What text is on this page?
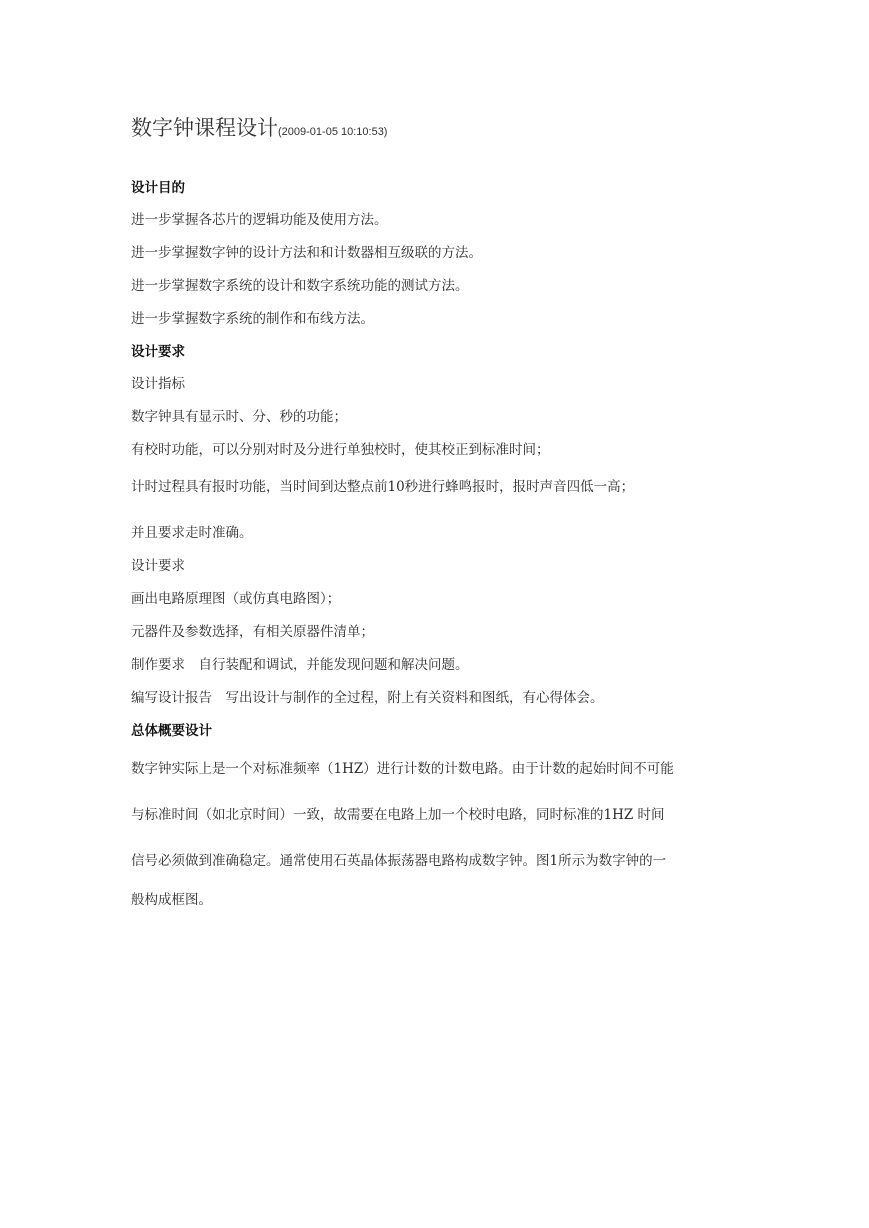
数字钟课程设计(2009-01-05 10:10:53)
设计目的
进一步掌握各芯片的逻辑功能及使用方法。
进一步掌握数字钟的设计方法和和计数器相互级联的方法。
进一步掌握数字系统的设计和数字系统功能的测试方法。
进一步掌握数字系统的制作和布线方法。
设计要求
设计指标
数字钟具有显示时、分、秒的功能；
有校时功能，可以分别对时及分进行单独校时，使其校正到标准时间；
计时过程具有报时功能，当时间到达整点前10秒进行蜂鸣报时，报时声音四低一高；
并且要求走时准确。
设计要求
画出电路原理图（或仿真电路图）；
元器件及参数选择，有相关原器件清单；
制作要求　自行装配和调试，并能发现问题和解决问题。
编写设计报告　写出设计与制作的全过程，附上有关资料和图纸，有心得体会。
总体概要设计
数字钟实际上是一个对标准频率（1HZ）进行计数的计数电路。由于计数的起始时间不可能
与标准时间（如北京时间）一致，故需要在电路上加一个校时电路，同时标准的1HZ 时间
信号必须做到准确稳定。通常使用石英晶体振荡器电路构成数字钟。图1所示为数字钟的一
般构成框图。
